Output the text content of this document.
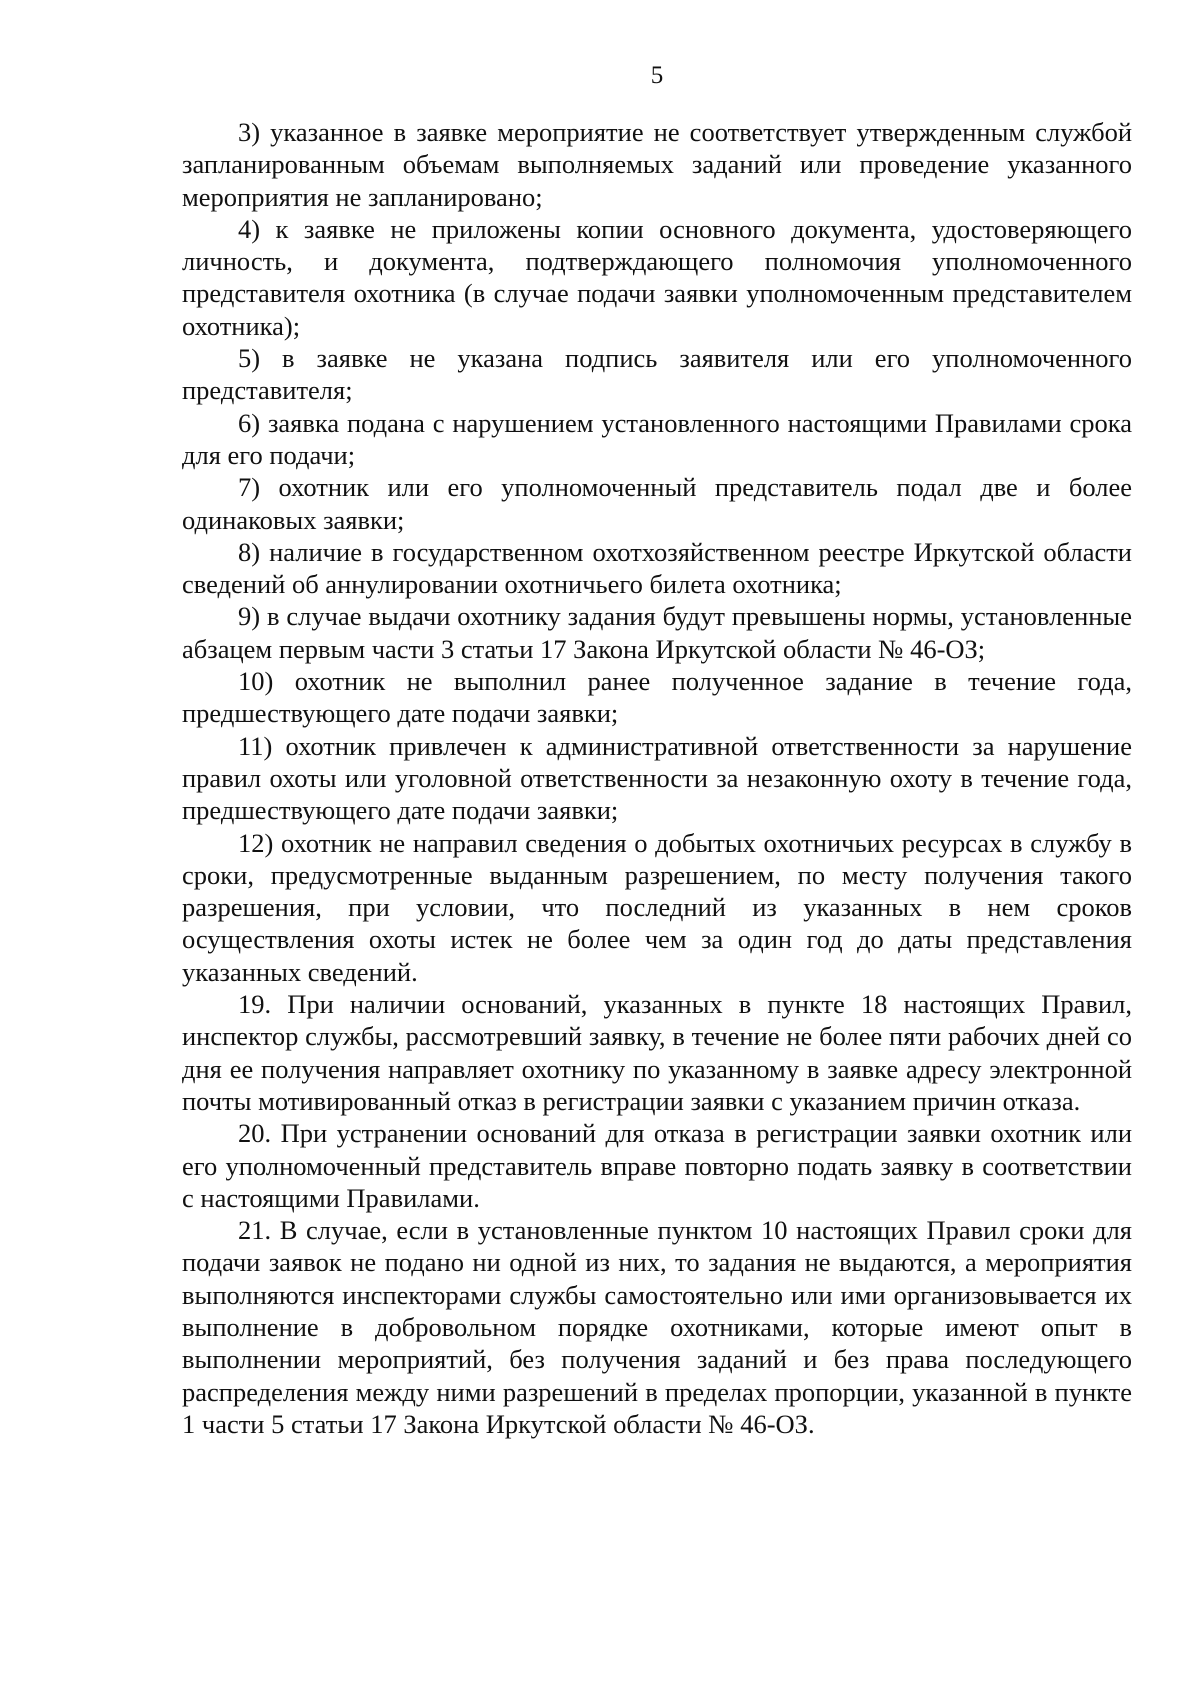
5

3) указанное в заявке мероприятие не соответствует утвержденным службой запланированным объемам выполняемых заданий или проведение указанного мероприятия не запланировано;

4) к заявке не приложены копии основного документа, удостоверяющего личность, и документа, подтверждающего полномочия уполномоченного представителя охотника (в случае подачи заявки уполномоченным представителем охотника);

5) в заявке не указана подпись заявителя или его уполномоченного представителя;

6) заявка подана с нарушением установленного настоящими Правилами срока для его подачи;

7) охотник или его уполномоченный представитель подал две и более одинаковых заявки;

8) наличие в государственном охотхозяйственном реестре Иркутской области сведений об аннулировании охотничьего билета охотника;

9) в случае выдачи охотнику задания будут превышены нормы, установленные абзацем первым части 3 статьи 17 Закона Иркутской области № 46-ОЗ;

10) охотник не выполнил ранее полученное задание в течение года, предшествующего дате подачи заявки;

11) охотник привлечен к административной ответственности за нарушение правил охоты или уголовной ответственности за незаконную охоту в течение года, предшествующего дате подачи заявки;

12) охотник не направил сведения о добытых охотничьих ресурсах в службу в сроки, предусмотренные выданным разрешением, по месту получения такого разрешения, при условии, что последний из указанных в нем сроков осуществления охоты истек не более чем за один год до даты представления указанных сведений.

19. При наличии оснований, указанных в пункте 18 настоящих Правил, инспектор службы, рассмотревший заявку, в течение не более пяти рабочих дней со дня ее получения направляет охотнику по указанному в заявке адресу электронной почты мотивированный отказ в регистрации заявки с указанием причин отказа.

20. При устранении оснований для отказа в регистрации заявки охотник или его уполномоченный представитель вправе повторно подать заявку в соответствии с настоящими Правилами.

21. В случае, если в установленные пунктом 10 настоящих Правил сроки для подачи заявок не подано ни одной из них, то задания не выдаются, а мероприятия выполняются инспекторами службы самостоятельно или ими организовывается их выполнение в добровольном порядке охотниками, которые имеют опыт в выполнении мероприятий, без получения заданий и без права последующего распределения между ними разрешений в пределах пропорции, указанной в пункте 1 части 5 статьи 17 Закона Иркутской области № 46-ОЗ.
